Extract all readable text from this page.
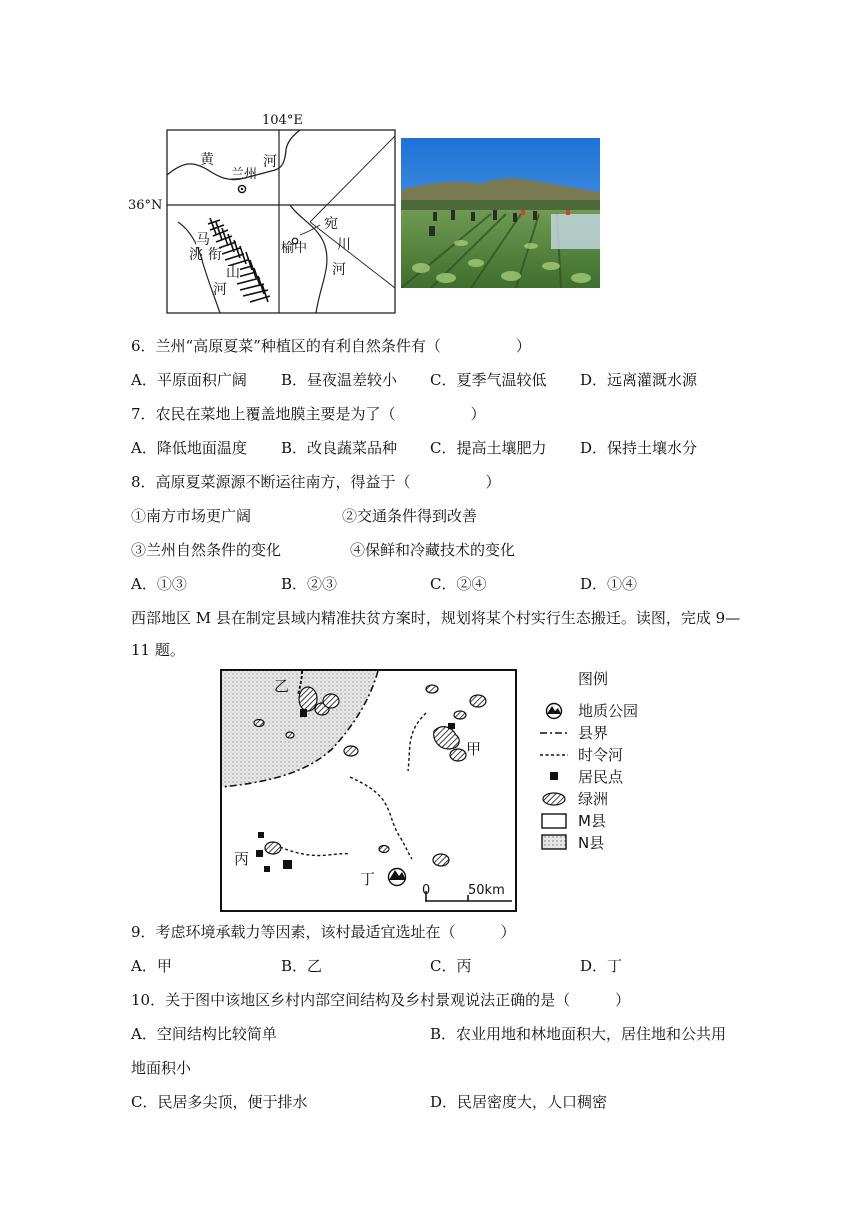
104°E
36°N
黄	河
兰州
宛
川
河
榆中
马
衔
山
洮
河
6．兰州“高原夏菜”种植区的有利自然条件有（　　　　　）
A．平原面积广阔 B．昼夜温差较小 C．夏季气温较低 D．远离灌溉水源
7．农民在菜地上覆盖地膜主要是为了（　　　　　）
A．降低地面温度 B．改良蔬菜品种 C．提高土壤肥力 D．保持土壤水分
8．高原夏菜源源不断运往南方，得益于（　　　　　）
①南方市场更广阔	②交通条件得到改善
③兰州自然条件的变化	④保鲜和冷藏技术的变化
A．①③	B．②③	C．②④	D．①④
西部地区 M 县在制定县域内精准扶贫方案时，规划将某个村实行生态搬迁。读图，完成 9—
11 题。
乙
甲
丙
丁
0	50km
图例
地质公园
县界
时令河
居民点
绿洲
M县
N县
9．考虑环境承载力等因素，该村最适宜选址在（　　　）
A．甲	B．乙	C．丙	D．丁
10．关于图中该地区乡村内部空间结构及乡村景观说法正确的是（　　　）
A．空间结构比较简单	B．农业用地和林地面积大，居住地和公共用
地面积小
C．民居多尖顶，便于排水	D．民居密度大，人口稠密
